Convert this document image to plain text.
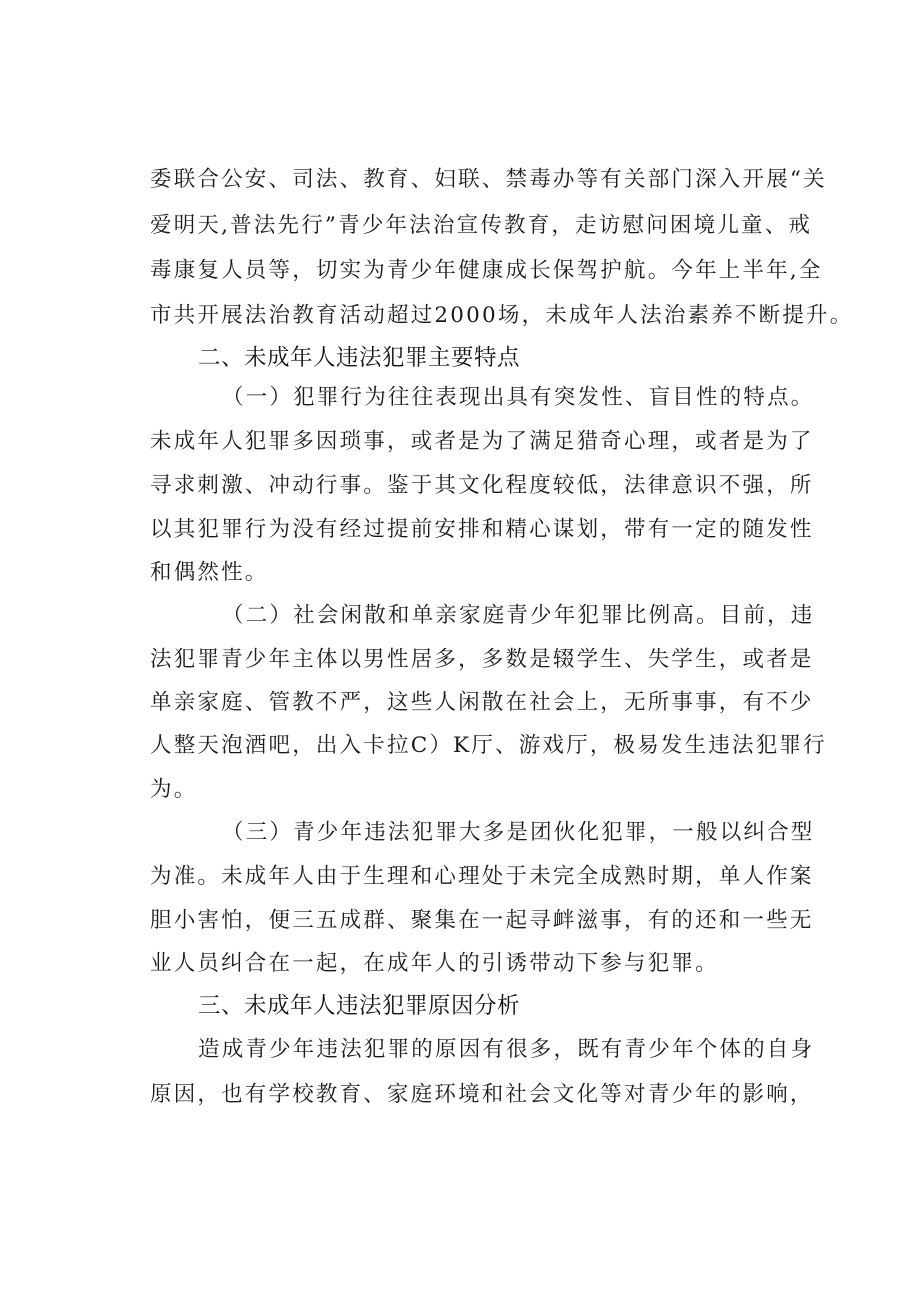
委联合公安、司法、教育、妇联、禁毒办等有关部门深入开展“关
爱明天,普法先行”青少年法治宣传教育，走访慰问困境儿童、戒
毒康复人员等，切实为青少年健康成长保驾护航。今年上半年,全
市共开展法治教育活动超过2000场，未成年人法治素养不断提升。
二、未成年人违法犯罪主要特点
（一）犯罪行为往往表现出具有突发性、盲目性的特点。
未成年人犯罪多因琐事，或者是为了满足猎奇心理，或者是为了
寻求刺激、冲动行事。鉴于其文化程度较低，法律意识不强，所
以其犯罪行为没有经过提前安排和精心谋划，带有一定的随发性
和偶然性。
（二）社会闲散和单亲家庭青少年犯罪比例高。目前，违
法犯罪青少年主体以男性居多，多数是辍学生、失学生，或者是
单亲家庭、管教不严，这些人闲散在社会上，无所事事，有不少
人整天泡酒吧，出入卡拉C）K厅、游戏厅，极易发生违法犯罪行
为。
（三）青少年违法犯罪大多是团伙化犯罪，一般以纠合型
为准。未成年人由于生理和心理处于未完全成熟时期，单人作案
胆小害怕，便三五成群、聚集在一起寻衅滋事，有的还和一些无
业人员纠合在一起，在成年人的引诱带动下参与犯罪。
三、未成年人违法犯罪原因分析
造成青少年违法犯罪的原因有很多，既有青少年个体的自身
原因，也有学校教育、家庭环境和社会文化等对青少年的影响，
